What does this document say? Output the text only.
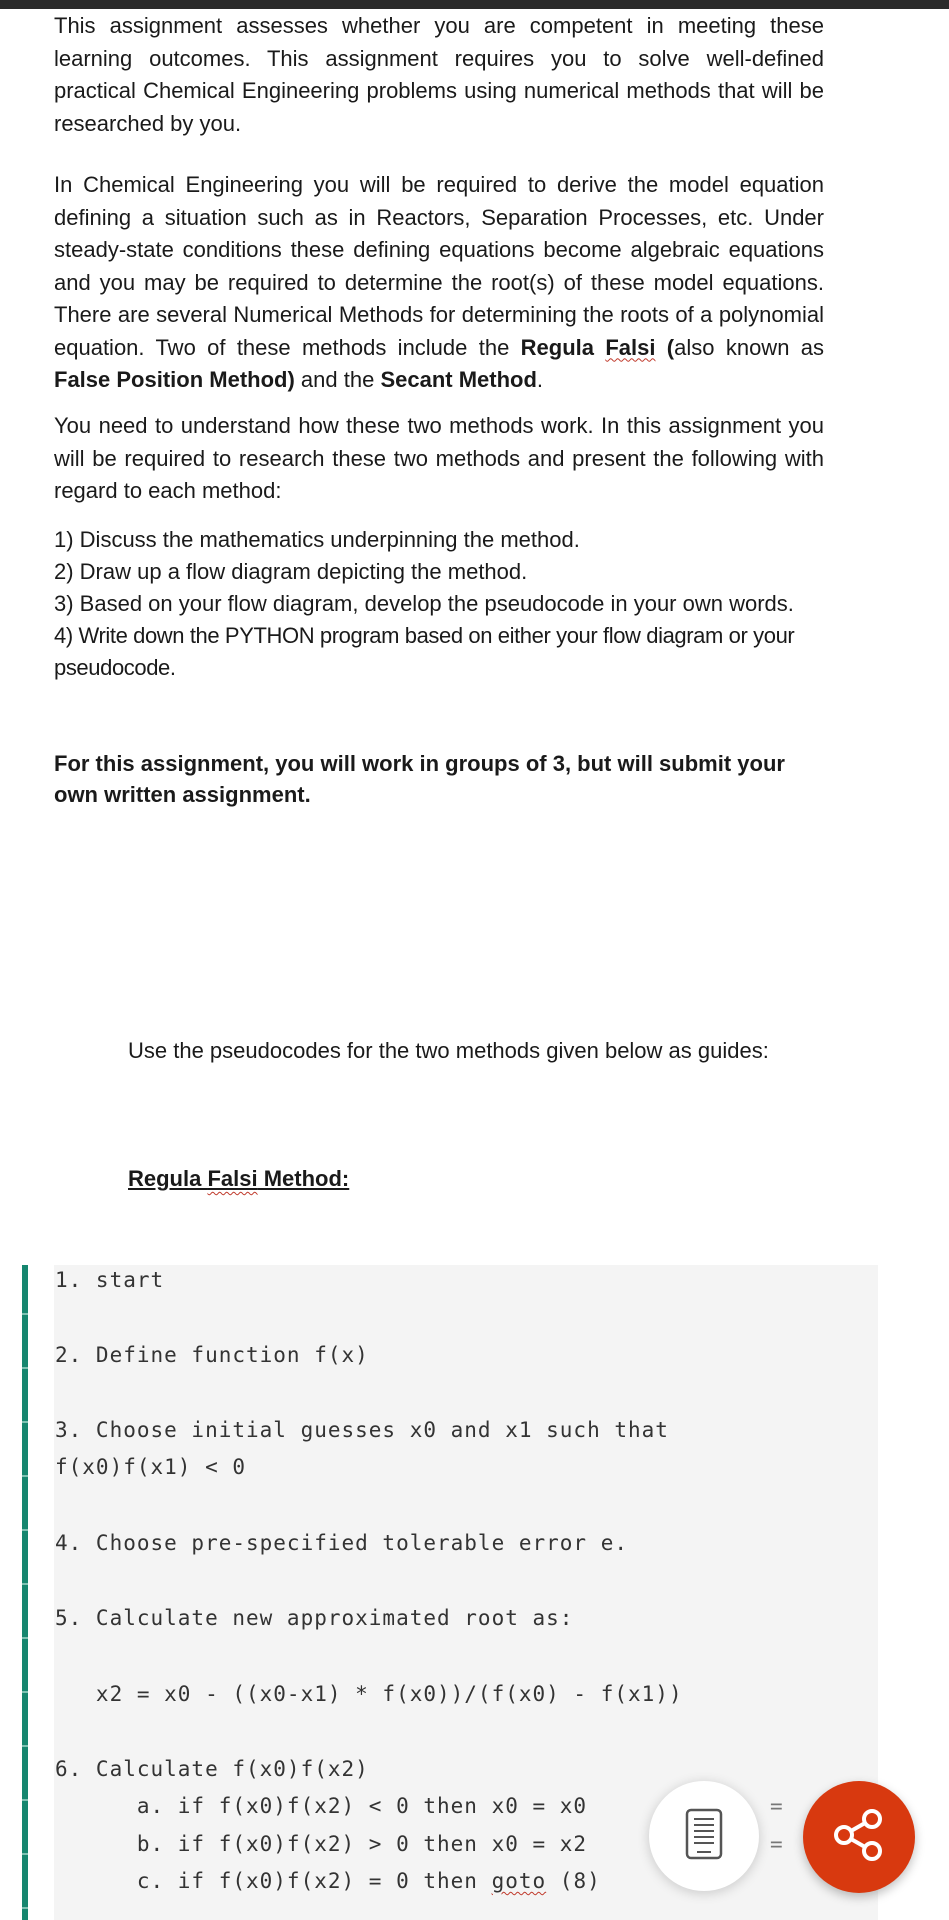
This assignment assesses whether you are competent in meeting these learning outcomes. This assignment requires you to solve well-defined practical Chemical Engineering problems using numerical methods that will be researched by you.

In Chemical Engineering you will be required to derive the model equation defining a situation such as in Reactors, Separation Processes, etc. Under steady-state conditions these defining equations become algebraic equations and you may be required to determine the root(s) of these model equations. There are several Numerical Methods for determining the roots of a polynomial equation. Two of these methods include the Regula Falsi (also known as False Position Method) and the Secant Method.

You need to understand how these two methods work. In this assignment you will be required to research these two methods and present the following with regard to each method:

1) Discuss the mathematics underpinning the method.
2) Draw up a flow diagram depicting the method.
3) Based on your flow diagram, develop the pseudocode in your own words.
4) Write down the PYTHON program based on either your flow diagram or your pseudocode.

For this assignment, you will work in groups of 3, but will submit your own written assignment.

Use the pseudocodes for the two methods given below as guides:
Regula Falsi Method:
1. start
2. Define function f(x)
3. Choose initial guesses x0 and x1 such that
f(x0)f(x1) < 0
4. Choose pre-specified tolerable error e.
5. Calculate new approximated root as:
x2 = x0 - ((x0-x1) * f(x0))/(f(x0) - f(x1))
6. Calculate f(x0)f(x2)
a. if f(x0)f(x2) < 0 then x0 = x0
b. if f(x0)f(x2) > 0 then x0 = x2
c. if f(x0)f(x2) = 0 then goto (8)
=
=
